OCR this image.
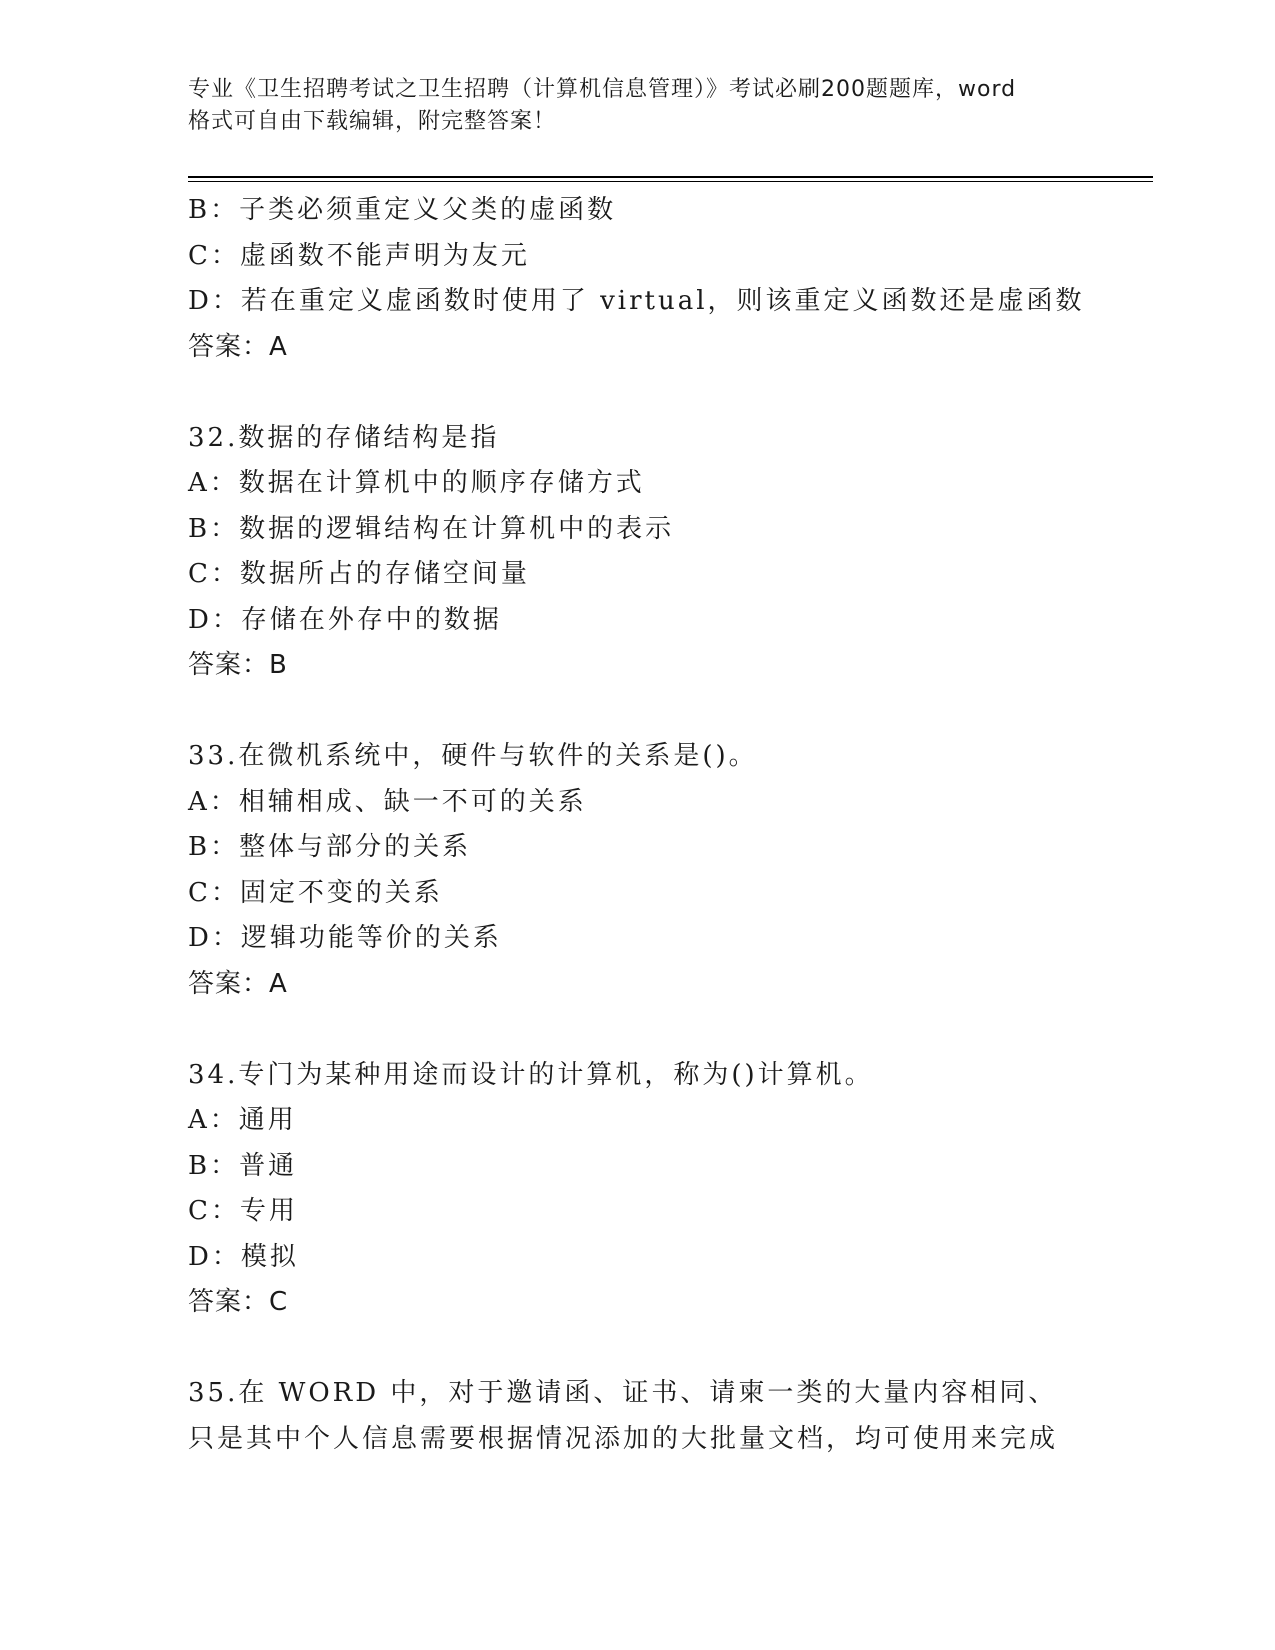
专业《卫生招聘考试之卫生招聘（计算机信息管理）》考试必刷200题题库，word
格式可自由下载编辑，附完整答案！
B：子类必须重定义父类的虚函数
C：虚函数不能声明为友元
D：若在重定义虚函数时使用了 virtual，则该重定义函数还是虚函数
答案：A
32.数据的存储结构是指
A：数据在计算机中的顺序存储方式
B：数据的逻辑结构在计算机中的表示
C：数据所占的存储空间量
D：存储在外存中的数据
答案：B
33.在微机系统中，硬件与软件的关系是()。
A：相辅相成、缺一不可的关系
B：整体与部分的关系
C：固定不变的关系
D：逻辑功能等价的关系
答案：A
34.专门为某种用途而设计的计算机，称为()计算机。
A：通用
B：普通
C：专用
D：模拟
答案：C
35.在 WORD 中，对于邀请函、证书、请柬一类的大量内容相同、只是其中个人信息需要根据情况添加的大批量文档，均可使用来完成
